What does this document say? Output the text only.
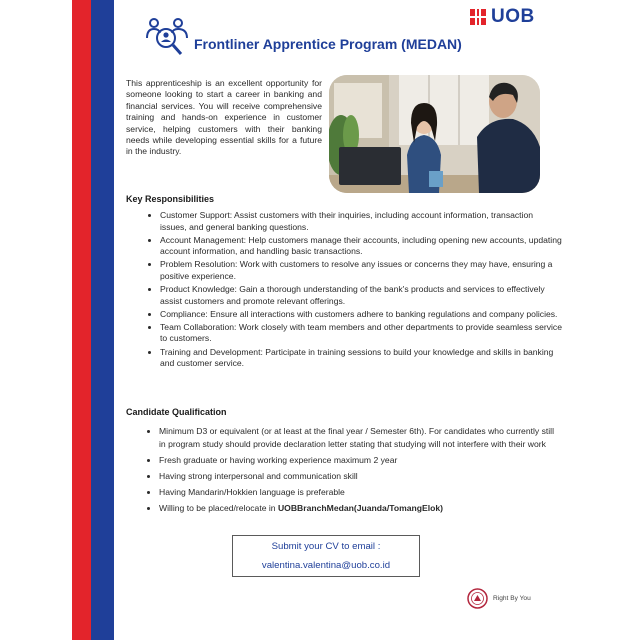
Frontliner Apprentice Program (MEDAN)
UOB
This apprenticeship is an excellent opportunity for someone looking to start a career in banking and financial services. You will receive comprehensive training and hands-on experience in customer service, helping customers with their banking needs while developing essential skills for a future in the industry.
Key Responsibilities
• Customer Support: Assist customers with their inquiries, including account information, transaction issues, and general banking questions.
• Account Management: Help customers manage their accounts, including opening new accounts, updating account information, and handling basic transactions.
• Problem Resolution: Work with customers to resolve any issues or concerns they may have, ensuring a positive experience.
• Product Knowledge: Gain a thorough understanding of the bank's products and services to effectively assist customers and promote relevant offerings.
• Compliance: Ensure all interactions with customers adhere to banking regulations and company policies.
• Team Collaboration: Work closely with team members and other departments to provide seamless service to customers.
• Training and Development: Participate in training sessions to build your knowledge and skills in banking and customer service.
Candidate Qualification
• Minimum D3 or equivalent (or at least at the final year / Semester 6th). For candidates who currently still in program study should provide declaration letter stating that studying will not interfere with their work
• Fresh graduate or having working experience maximum 2 year
• Having strong interpersonal and communication skill
• Having Mandarin/Hokkien language is preferable
• Willing to be placed/relocate in UOBBranchMedan(Juanda/TomangElok)
Submit your CV to email :
valentina.valentina@uob.co.id
Right By You
